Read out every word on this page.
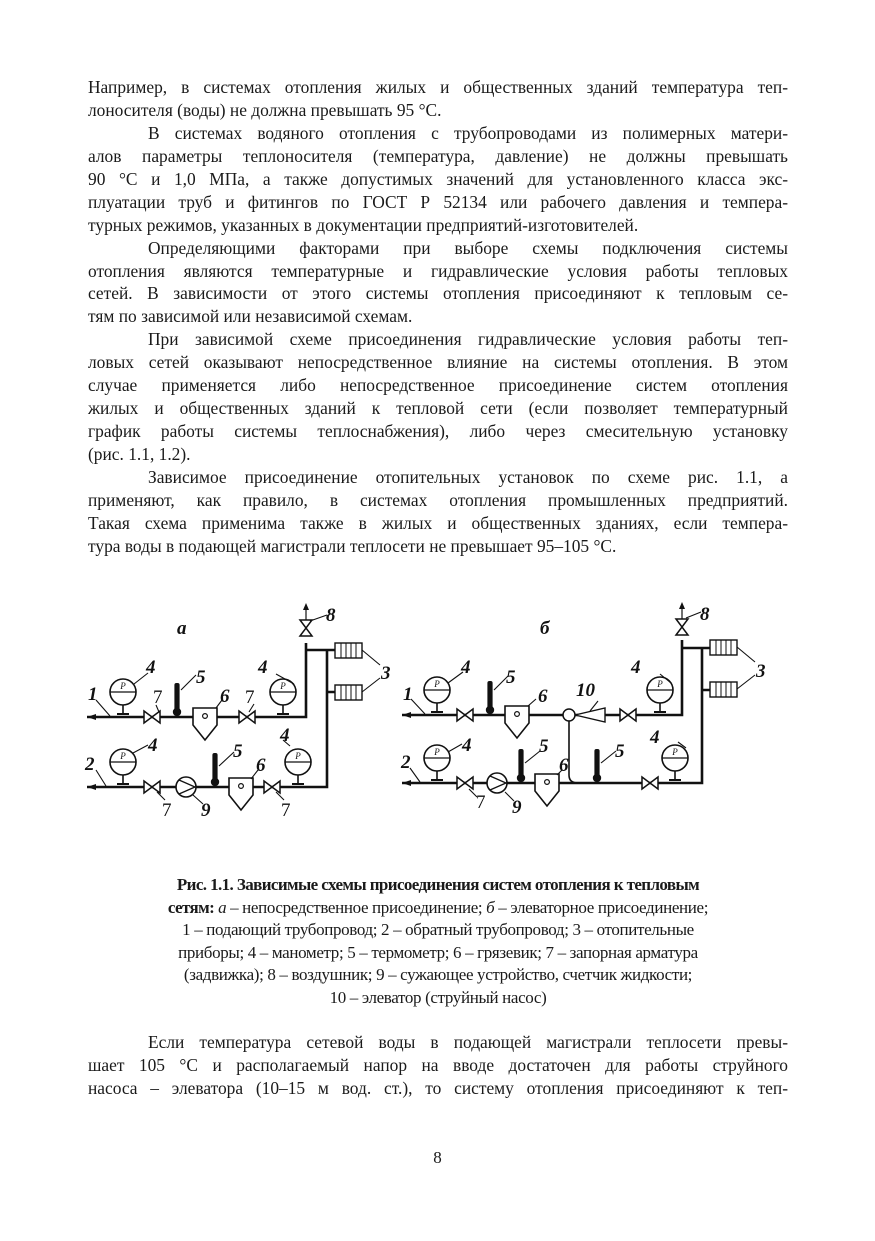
Например, в системах отопления жилых и общественных зданий температура теп-
лоносителя (воды) не должна превышать 95 °С.
В системах водяного отопления с трубопроводами из полимерных матери-
алов параметры теплоносителя (температура, давление) не должны превышать
90 °С и 1,0 МПа, а также допустимых значений для установленного класса экс-
плуатации труб и фитингов по ГОСТ Р 52134 или рабочего давления и темпера-
турных режимов, указанных в документации предприятий-изготовителей.
Определяющими факторами при выборе схемы подключения системы
отопления являются температурные и гидравлические условия работы тепловых
сетей. В зависимости от этого системы отопления присоединяют к тепловым се-
тям по зависимой или независимой схемам.
При зависимой схеме присоединения гидравлические условия работы теп-
ловых сетей оказывают непосредственное влияние на системы отопления. В этом
случае применяется либо непосредственное присоединение систем отопления
жилых и общественных зданий к тепловой сети (если позволяет температурный
график работы системы теплоснабжения), либо через смесительную установку
(рис. 1.1, 1.2).
Зависимое присоединение отопительных установок по схеме рис. 1.1, а
применяют, как правило, в системах отопления промышленных предприятий.
Такая схема применима также в жилых и общественных зданиях, если темпера-
тура воды в подающей магистрали теплосети не превышает 95–105 °С.
а
1
2
3
4	4
4	4
5
5
6
6
7	7
7	7
8
9
б
1
2
3
4	4
4	4
5
5	5
6
6
7
8
9
10
Рис. 1.1. Зависимые схемы присоединения систем отопления к тепловым
сетям: а – непосредственное присоединение; б – элеваторное присоединение;
1 – подающий трубопровод; 2 – обратный трубопровод; 3 – отопительные
приборы; 4 – манометр; 5 – термометр; 6 – грязевик; 7 – запорная арматура
(задвижка); 8 – воздушник; 9 – сужающее устройство, счетчик жидкости;
10 – элеватор (струйный насос)
Если температура сетевой воды в подающей магистрали теплосети превы-
шает 105 °С и располагаемый напор на вводе достаточен для работы струйного
насоса – элеватора (10–15 м вод. ст.), то систему отопления присоединяют к теп-
8
